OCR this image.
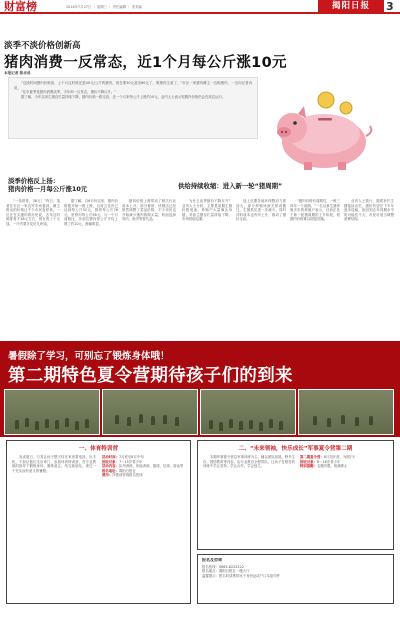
财富榜	2016年7月27日 ｜ 星期三 ｜ 责任编辑 ｜ 美术编	揭阳日报	3
淡季不淡价格创新高
猪肉消费一反常态，近1个月每公斤涨10元
本报记者 陈卓成

“这段时间猪肉价格高，上个月这时候还是40元/公斤的猪肉，现在要50元甚至60元了，做猪肉生意了，”市区一家猪肉摊主一边称猪肉，一边向记者诉说。

“往年夏季是猪肉消费淡季，今年却一反常态，猪价不降反升。”

据了解，今年以来生猪存栏量持续下降，猪肉价格一路走高，近一个月来每公斤上涨约10元，业内人士表示短期内价格仍会在高位运行。

淡季价格反上扬：
猪肉价格一月每公斤涨10元	供给持续收缩：进入新一轮“猪周期”

“一条排骨，38元！”昨日，笔者在市区一家农贸市场看到，摊主报出的价格让不少市民直呼贵。一位正在买猪肉的市民说，去年这时候排骨才28元左右，现在贵了十元钱，一斤肉要多花好几块钱。

据了解，自6月份以来，猪肉价格便开始一路上涨，目前五花肉已达到每公斤52元，排骨每公斤76元，里脊肉每公斤56元。与一个月前相比，各部位猪肉每公斤平均上涨了约10元，涨幅明显。

猪肉价格上涨带动了相关行业成本上升。部分餐馆、快餐店已经悄然调整了菜品价格，不少市民也开始减少猪肉的购买量，转而选择鸡肉、鱼肉等替代品。

为什么淡季猪价不降反升？业内人士分析，主要是前期生猪价格低迷，养殖户大量淘汰母猪，导致生猪存栏量持续下降，市场供给趋紧。

加上近期各地环保整治力度加大，部分养殖场被关停或搬迁，生猪供应进一步减少。同时饲料成本也有所上升，推动了猪价走高。

“猪肉价格有周期性，一般三四年一个周期。”一位从事生猪养殖多年的养殖户表示，目前正处于新一轮猪周期的上升阶段，短期内价格难以明显回落。

业内人士预计，随着补栏生猪陆续出栏，猪价有望在下半年逐步趋稳，但回到去年同期水平的可能性不大，市民可适当调整消费结构。

暑假除了学习，可别忘了锻炼身体哦！
第二期特色夏令营期待孩子们的到来
一、体育特训营

炎炎夏日，与其让孩子整天待在家里看电视、玩手机，不如让他们走出家门，参加体育特训营，在专业教练的指导下锻炼身体、磨炼意志、结交新朋友，度过一个充实而有意义的暑假。

活动时间：7月底至8月中旬
招收对象：7～15岁青少年
活动内容：队列训练、体能训练、篮球、足球、游泳等
报名地址：揭阳日报社
费用：详情请咨询报名热线
二、“未来领袖，快乐成长”军事夏令营第二期

本期军事夏令营以军事训练为主，辅以团队拓展、野外生存、国防教育等内容，由专业教官全程带队，让孩子在艰苦的训练中学会坚持、学会合作、学会独立。

第二期夏令营：8月初开营，为期7天
招收对象：8～16岁青少年
特别提醒：名额有限，报满即止
报名及咨询
报名热线：0663-8222222
报名地点：揭阳日报社一楼大厅
温馨提示：报名时请携带孩子身份证或户口本复印件
